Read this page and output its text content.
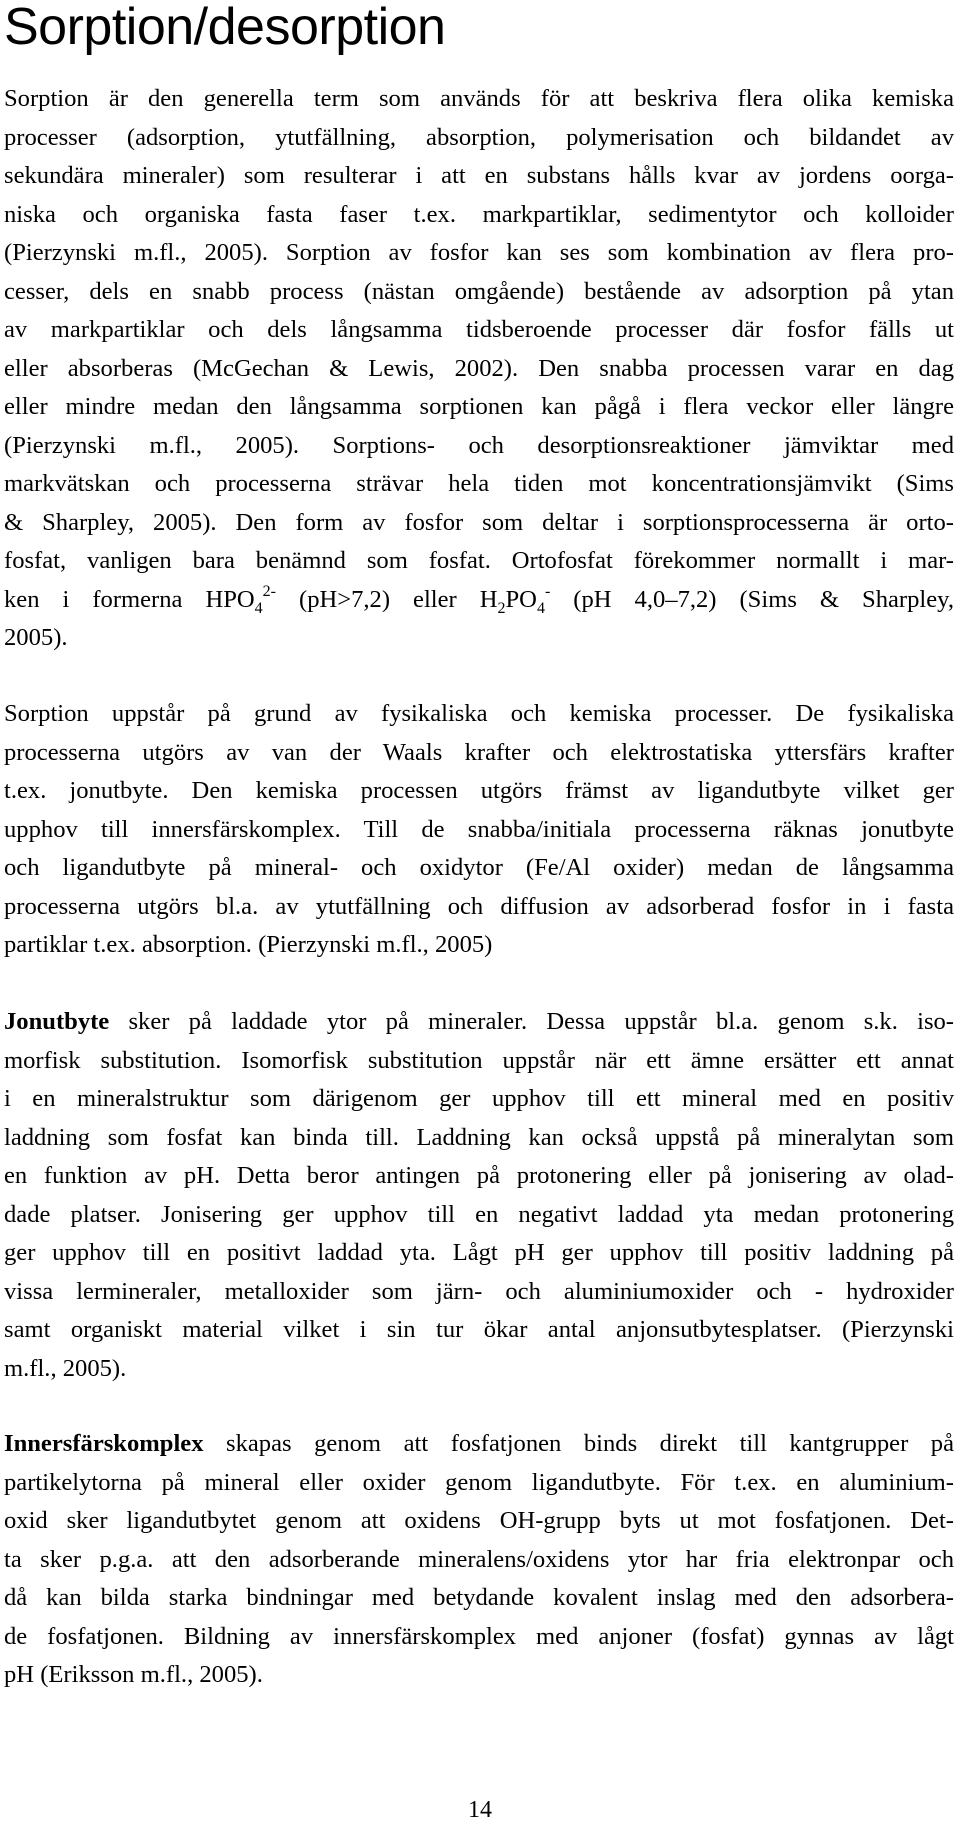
Sorption/desorption
Sorption är den generella term som används för att beskriva flera olika kemiska
processer (adsorption, ytutfällning, absorption, polymerisation och bildandet av
sekundära mineraler) som resulterar i att en substans hålls kvar av jordens oorga-
niska och organiska fasta faser t.ex. markpartiklar, sedimentytor och kolloider
(Pierzynski m.fl., 2005). Sorption av fosfor kan ses som kombination av flera pro-
cesser, dels en snabb process (nästan omgående) bestående av adsorption på ytan
av markpartiklar och dels långsamma tidsberoende processer där fosfor fälls ut
eller absorberas (McGechan & Lewis, 2002). Den snabba processen varar en dag
eller mindre medan den långsamma sorptionen kan pågå i flera veckor eller längre
(Pierzynski m.fl., 2005). Sorptions- och desorptionsreaktioner jämviktar med
markvätskan och processerna strävar hela tiden mot koncentrationsjämvikt (Sims
& Sharpley, 2005). Den form av fosfor som deltar i sorptionsprocesserna är orto-
fosfat, vanligen bara benämnd som fosfat. Ortofosfat förekommer normallt i mar-
ken i formerna $HPO_4^{2-}$ (pH>7,2) eller $H_2PO_4^-$ (pH 4,0–7,2) (Sims & Sharpley,
2005).
Sorption uppstår på grund av fysikaliska och kemiska processer. De fysikaliska
processerna utgörs av van der Waals krafter och elektrostatiska yttersfärs krafter
t.ex. jonutbyte. Den kemiska processen utgörs främst av ligandutbyte vilket ger
upphov till innersfärskomplex. Till de snabba/initiala processerna räknas jonutbyte
och ligandutbyte på mineral- och oxidytor (Fe/Al oxider) medan de långsamma
processerna utgörs bl.a. av ytutfällning och diffusion av adsorberad fosfor in i fasta
partiklar t.ex. absorption. (Pierzynski m.fl., 2005)
Jonutbyte sker på laddade ytor på mineraler. Dessa uppstår bl.a. genom s.k. iso-
morfisk substitution. Isomorfisk substitution uppstår när ett ämne ersätter ett annat
i en mineralstruktur som därigenom ger upphov till ett mineral med en positiv
laddning som fosfat kan binda till. Laddning kan också uppstå på mineralytan som
en funktion av pH. Detta beror antingen på protonering eller på jonisering av olad-
dade platser. Jonisering ger upphov till en negativt laddad yta medan protonering
ger upphov till en positivt laddad yta. Lågt pH ger upphov till positiv laddning på
vissa lermineraler, metalloxider som järn- och aluminiumoxider och - hydroxider
samt organiskt material vilket i sin tur ökar antal anjonsutbytesplatser. (Pierzynski
m.fl., 2005).
Innersfärskomplex skapas genom att fosfatjonen binds direkt till kantgrupper på
partikelytorna på mineral eller oxider genom ligandutbyte. För t.ex. en aluminium-
oxid sker ligandutbytet genom att oxidens OH-grupp byts ut mot fosfatjonen. Det-
ta sker p.g.a. att den adsorberande mineralens/oxidens ytor har fria elektronpar och
då kan bilda starka bindningar med betydande kovalent inslag med den adsorbera-
de fosfatjonen. Bildning av innersfärskomplex med anjoner (fosfat) gynnas av lågt
pH (Eriksson m.fl., 2005).
14
